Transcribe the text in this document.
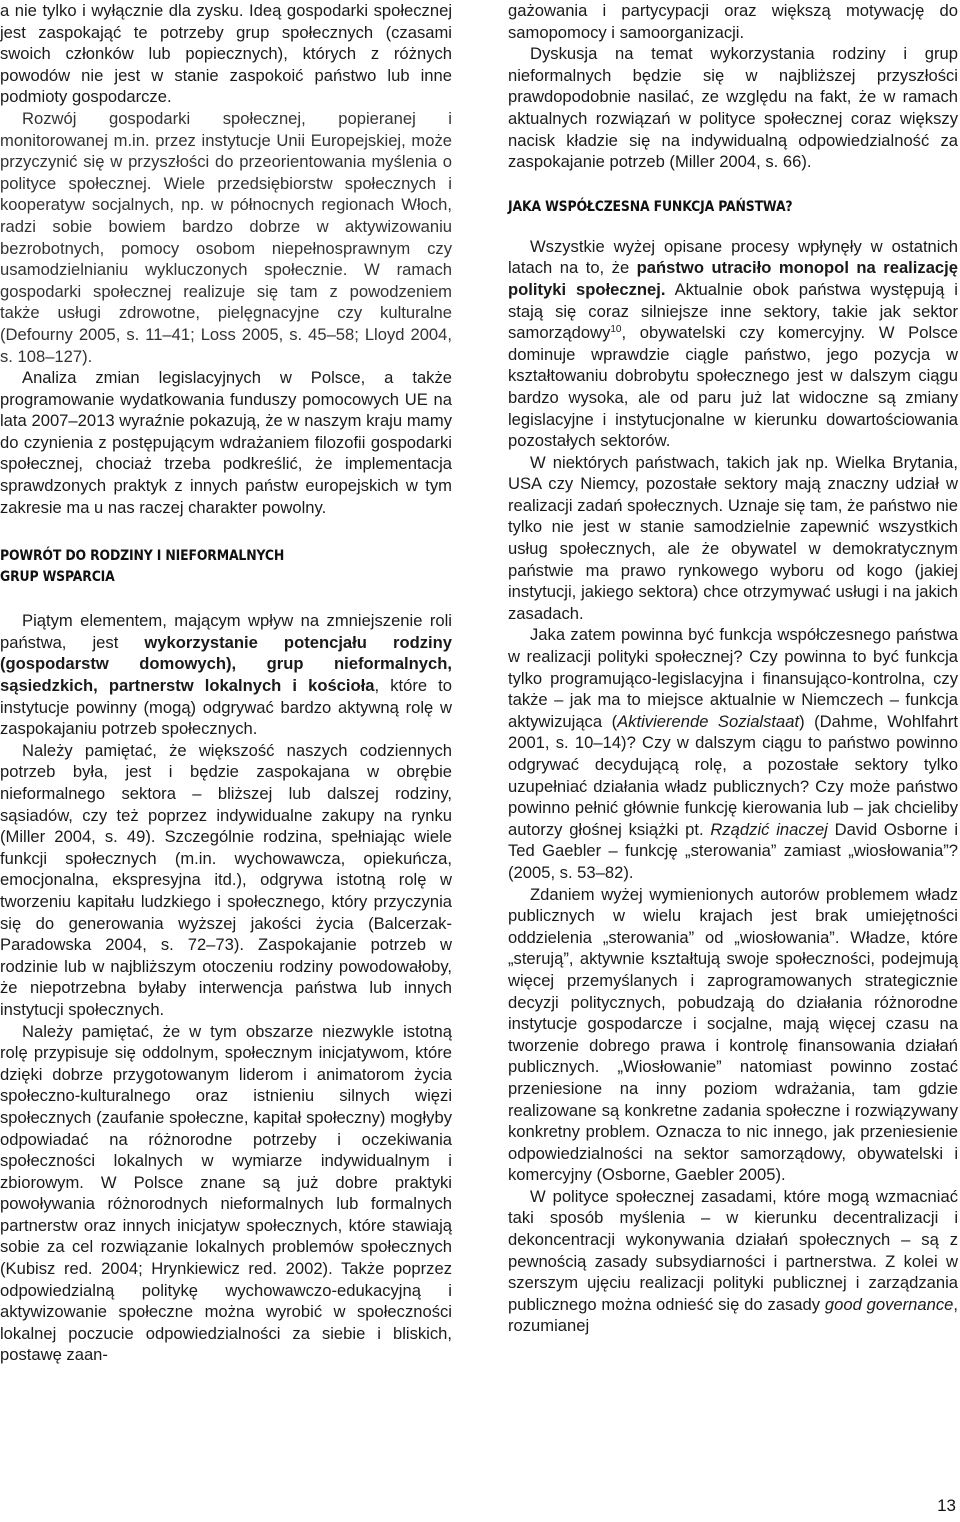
a nie tylko i wyłącznie dla zysku. Ideą gospodarki społecznej jest zaspokająć te potrzeby grup społecznych (czasami swoich członków lub popiecznych), których z różnych powodów nie jest w stanie zaspokoić państwo lub inne podmioty gospodarcze.

Rozwój gospodarki społecznej, popieranej i monitorowanej m.in. przez instytucje Unii Europejskiej, może przyczynić się w przyszłości do przeorientowania myślenia o polityce społecznej. Wiele przedsiębiorstw społecznych i kooperatyw socjalnych, np. w północnych regionach Włoch, radzi sobie bowiem bardzo dobrze w aktywizowaniu bezrobotnych, pomocy osobom niepełnosprawnym czy usamodzielnianiu wykluczonych społecznie. W ramach gospodarki społecznej realizuje się tam z powodzeniem także usługi zdrowotne, pielęgnacyjne czy kulturalne (Defourny 2005, s. 11‒41; Loss 2005, s. 45‒58; Lloyd 2004, s. 108‒127).

Analiza zmian legislacyjnych w Polsce, a także programowanie wydatkowania funduszy pomocowych UE na lata 2007‒2013 wyraźnie pokazują, że w naszym kraju mamy do czynienia z postępującym wdrażaniem filozofii gospodarki społecznej, chociaż trzeba podkreślić, że implementacja sprawdzonych praktyk z innych państw europejskich w tym zakresie ma u nas raczej charakter powolny.

POWRÓT DO RODZINY I NIEFORMALNYCH
GRUP WSPARCIA

Piątym elementem, mającym wpływ na zmniejszenie roli państwa, jest wykorzystanie potencjału rodziny (gospodarstw domowych), grup nieformalnych, sąsiedzkich, partnerstw lokalnych i kościoła, które to instytucje powinny (mogą) odgrywać bardzo aktywną rolę w zaspokajaniu potrzeb społecznych.

Należy pamiętać, że większość naszych codziennych potrzeb była, jest i będzie zaspokajana w obrębie nieformalnego sektora ‒ bliższej lub dalszej rodziny, sąsiadów, czy też poprzez indywidualne zakupy na rynku (Miller 2004, s. 49). Szczególnie rodzina, spełniając wiele funkcji społecznych (m.in. wychowawcza, opiekuńcza, emocjonalna, ekspresyjna itd.), odgrywa istotną rolę w tworzeniu kapitału ludzkiego i społecznego, który przyczynia się do generowania wyższej jakości życia (Balcerzak-Paradowska 2004, s. 72‒73). Zaspokajanie potrzeb w rodzinie lub w najbliższym otoczeniu rodziny powodowałoby, że niepotrzebna byłaby interwencja państwa lub innych instytucji społecznych.

Należy pamiętać, że w tym obszarze niezwykle istotną rolę przypisuje się oddolnym, społecznym inicjatywom, które dzięki dobrze przygotowanym liderom i animatorom życia społeczno-kulturalnego oraz istnieniu silnych więzi społecznych (zaufanie społeczne, kapitał społeczny) mogłyby odpowiadać na różnorodne potrzeby i oczekiwania społeczności lokalnych w wymiarze indywidualnym i zbiorowym. W Polsce znane są już dobre praktyki powoływania różnorodnych nieformalnych lub formalnych partnerstw oraz innych inicjatyw społecznych, które stawiają sobie za cel rozwiązanie lokalnych problemów społecznych (Kubisz red. 2004; Hrynkiewicz red. 2002). Także poprzez odpowiedzialną politykę wychowawczo-edukacyjną i aktywizowanie społeczne można wyrobić w społeczności lokalnej poczucie odpowiedzialności za siebie i bliskich, postawę zaan-

gażowania i partycypacji oraz większą motywację do samopomocy i samoorganizacji.

Dyskusja na temat wykorzystania rodziny i grup nieformalnych będzie się w najbliższej przyszłości prawdopodobnie nasilać, ze względu na fakt, że w ramach aktualnych rozwiązań w polityce społecznej coraz większy nacisk kładzie się na indywidualną odpowiedzialność za zaspokajanie potrzeb (Miller 2004, s. 66).

JAKA WSPÓŁCZESNA FUNKCJA PAŃSTWA?

Wszystkie wyżej opisane procesy wpłynęły w ostatnich latach na to, że państwo utraciło monopol na realizację polityki społecznej. Aktualnie obok państwa występują i stają się coraz silniejsze inne sektory, takie jak sektor samorządowy$^{10}$, obywatelski czy komercyjny. W Polsce dominuje wprawdzie ciągle państwo, jego pozycja w kształtowaniu dobrobytu społecznego jest w dalszym ciągu bardzo wysoka, ale od paru już lat widoczne są zmiany legislacyjne i instytucjonalne w kierunku dowartościowania pozostałych sektorów.

W niektórych państwach, takich jak np. Wielka Brytania, USA czy Niemcy, pozostałe sektory mają znaczny udział w realizacji zadań społecznych. Uznaje się tam, że państwo nie tylko nie jest w stanie samodzielnie zapewnić wszystkich usług społecznych, ale że obywatel w demokratycznym państwie ma prawo rynkowego wyboru od kogo (jakiej instytucji, jakiego sektora) chce otrzymywać usługi i na jakich zasadach.

Jaka zatem powinna być funkcja współczesnego państwa w realizacji polityki społecznej? Czy powinna to być funkcja tylko programująco-legislacyjna i finansująco-kontrolna, czy także ‒ jak ma to miejsce aktualnie w Niemczech ‒ funkcja aktywizująca (Aktivierende Sozialstaat) (Dahme, Wohlfahrt 2001, s. 10‒14)? Czy w dalszym ciągu to państwo powinno odgrywać decydującą rolę, a pozostałe sektory tylko uzupełniać działania władz publicznych? Czy może państwo powinno pełnić głównie funkcję kierowania lub ‒ jak chcieliby autorzy głośnej książki pt. Rządzić inaczej David Osborne i Ted Gaebler ‒ funkcję „sterowania” zamiast „wiosłowania”? (2005, s. 53‒82).

Zdaniem wyżej wymienionych autorów problemem władz publicznych w wielu krajach jest brak umiejętności oddzielenia „sterowania” od „wiosłowania”. Władze, które „sterują”, aktywnie kształtują swoje społeczności, podejmują więcej przemyślanych i zaprogramowanych strategicznie decyzji politycznych, pobudzają do działania różnorodne instytucje gospodarcze i socjalne, mają więcej czasu na tworzenie dobrego prawa i kontrolę finansowania działań publicznych. „Wiosłowanie” natomiast powinno zostać przeniesione na inny poziom wdrażania, tam gdzie realizowane są konkretne zadania społeczne i rozwiązywany konkretny problem. Oznacza to nic innego, jak przeniesienie odpowiedzialności na sektor samorządowy, obywatelski i komercyjny (Osborne, Gaebler 2005).

W polityce społecznej zasadami, które mogą wzmacniać taki sposób myślenia ‒ w kierunku decentralizacji i dekoncentracji wykonywania działań społecznych ‒ są z pewnością zasady subsydiarności i partnerstwa. Z kolei w szerszym ujęciu realizacji polityki publicznej i zarządzania publicznego można odnieść się do zasady good governance, rozumianej

13
